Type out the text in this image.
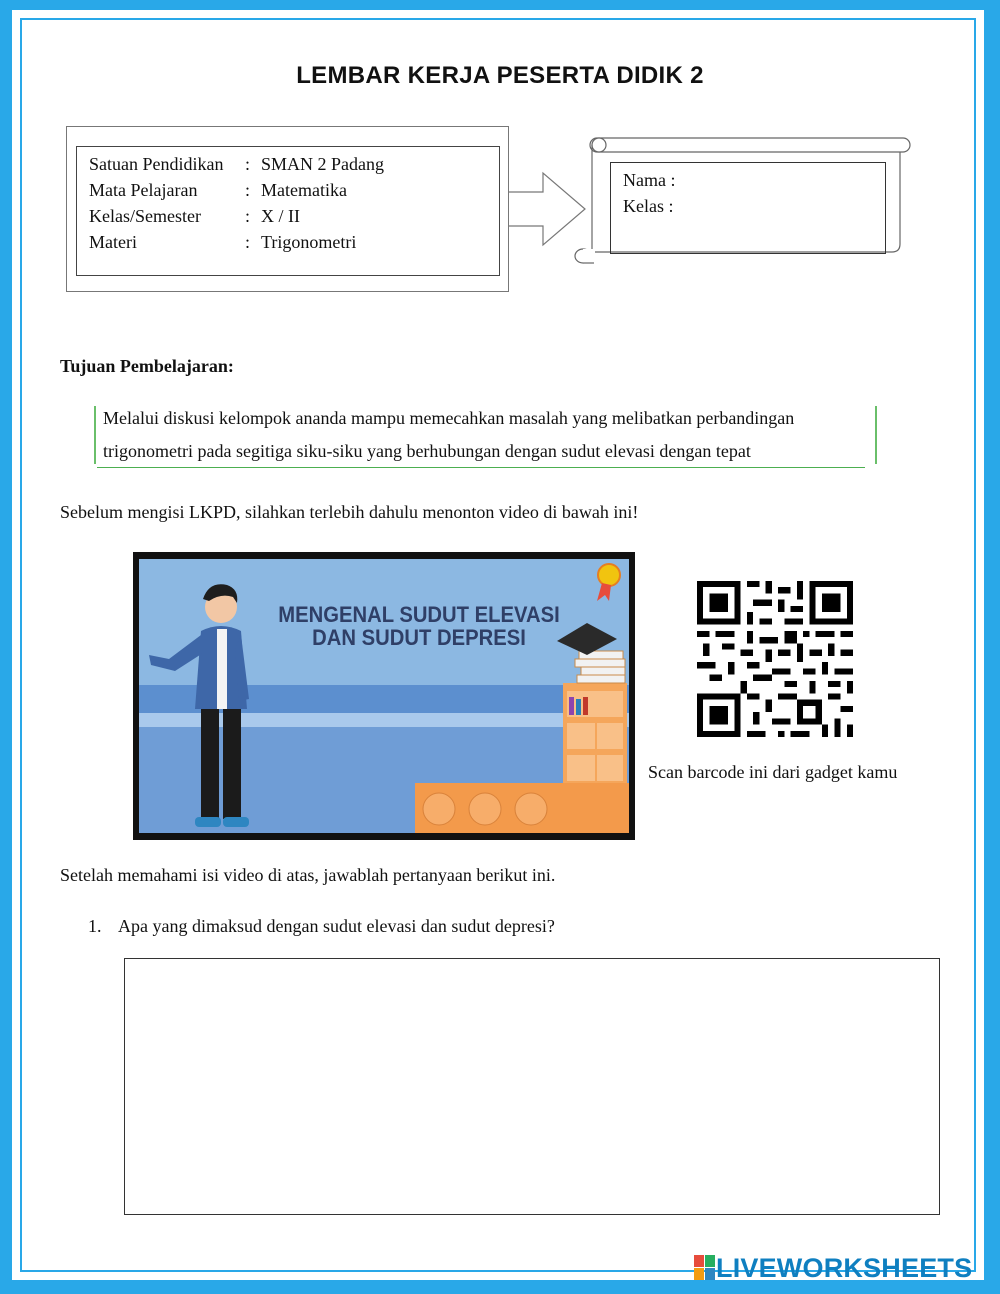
LEMBAR KERJA PESERTA DIDIK 2
Satuan Pendidikan : SMAN 2 Padang
Mata Pelajaran	: Matematika
Kelas/Semester : X / II
Materi	: Trigonometri
Nama :
Kelas :
Tujuan Pembelajaran:
Melalui diskusi kelompok ananda mampu memecahkan masalah yang melibatkan perbandingan
trigonometri pada segitiga siku-siku yang berhubungan dengan sudut elevasi dengan tepat
Sebelum mengisi LKPD, silahkan terlebih dahulu menonton video di bawah ini!
MENGENAL SUDUT ELEVASI
DAN SUDUT DEPRESI
Scan barcode ini dari gadget kamu
Setelah memahami isi video di atas, jawablah pertanyaan berikut ini.
1. Apa yang dimaksud dengan sudut elevasi dan sudut depresi?
LIVEWORKSHEETS
